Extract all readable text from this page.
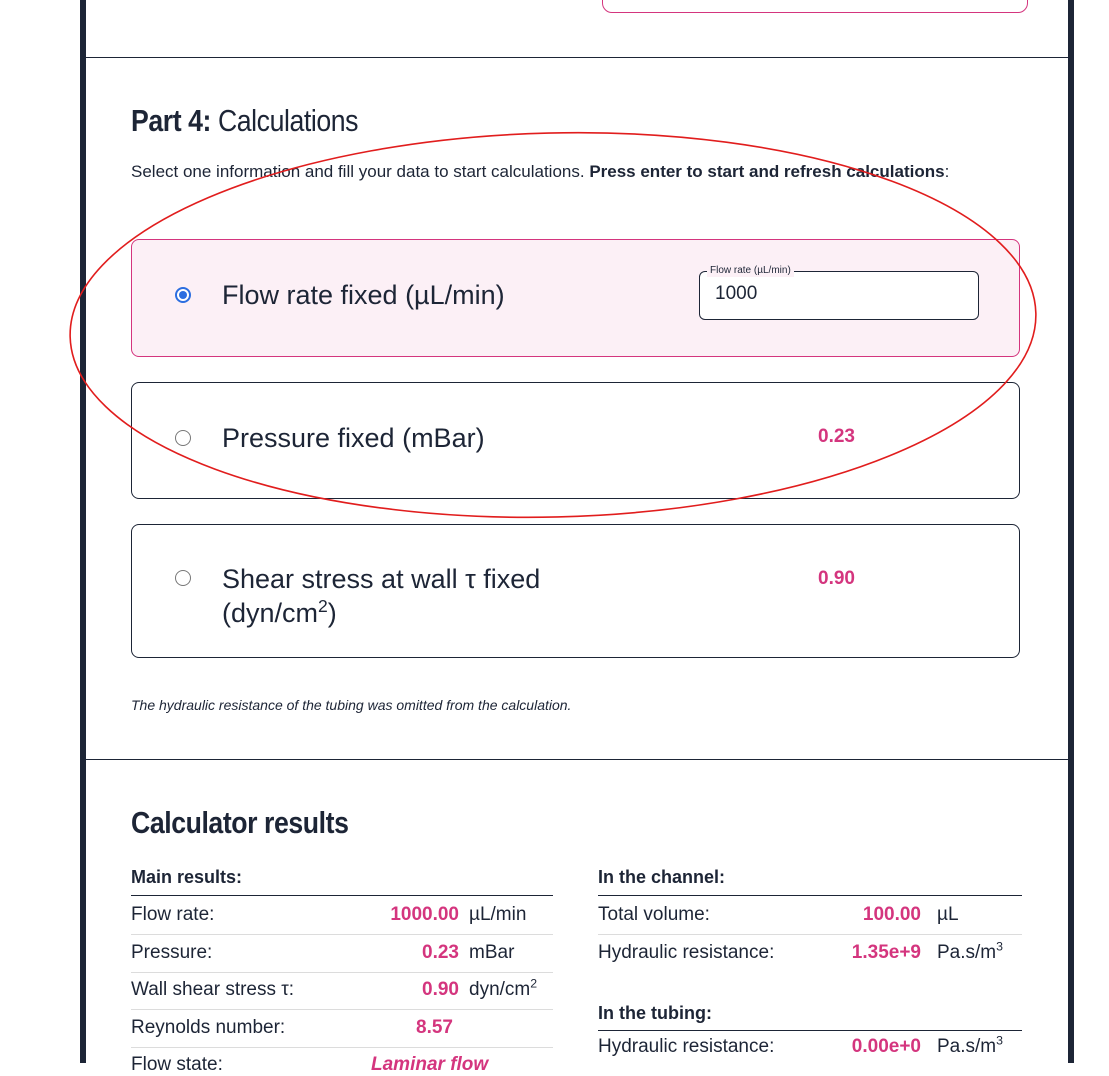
Part 4: Calculations

Select one information and fill your data to start calculations. Press enter to start and refresh calculations:

Flow rate fixed (µL/min)
Flow rate (µL/min)
1000
Pressure fixed (mBar)	0.23
Shear stress at wall τ fixed
$(dyn/cm^2)$
0.90

The hydraulic resistance of the tubing was omitted from the calculation.

Calculator results
Main results:
Flow rate:	1000.00 µL/min
Pressure:	0.23 mBar
Wall shear stress τ:	0.90 dyn/$cm^2$
Reynolds number:	8.57
Flow state:	Laminar flow
In the channel:
Total volume:	100.00 µL
Hydraulic resistance:	1.35e+9 $Pa.s/m^3$
In the tubing:
Hydraulic resistance:	0.00e+0 $Pa.s/m^3$
